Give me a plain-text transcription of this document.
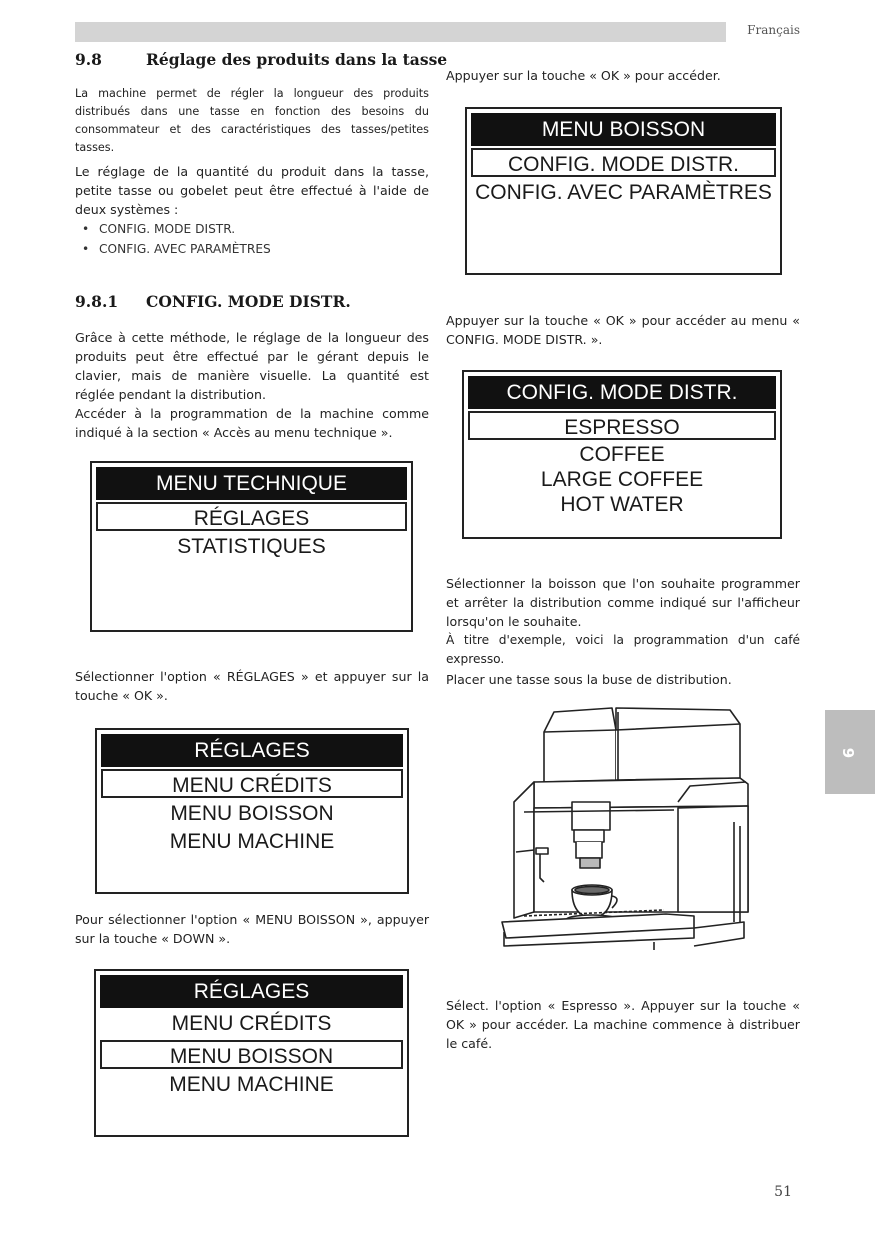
Français
9.8	Réglage des produits dans la tasse
La machine permet de régler la longueur des produits distribués dans une tasse en fonction des besoins du consommateur et des caractéristiques des tasses/petites tasses.
Le réglage de la quantité du produit dans la tasse, petite tasse ou gobelet peut être effectué à l'aide de deux systèmes :
• CONFIG. MODE DISTR.
• CONFIG. AVEC PARAMÈTRES
9.8.1 CONFIG. MODE DISTR.
Grâce à cette méthode, le réglage de la longueur des produits peut être effectué par le gérant depuis le clavier, mais de manière visuelle. La quantité est réglée pendant la distribution.
Accéder à la programmation de la machine comme indiqué à la section « Accès au menu technique ».
MENU TECHNIQUE
RÉGLAGES
STATISTIQUES
Sélectionner l'option « RÉGLAGES » et appuyer sur la touche « OK ».
RÉGLAGES
MENU CRÉDITS
MENU BOISSON
MENU MACHINE
Pour sélectionner l'option « MENU BOISSON », appuyer sur la touche « DOWN ».
RÉGLAGES
MENU CRÉDITS
MENU BOISSON
MENU MACHINE
Appuyer sur la touche « OK » pour accéder.
MENU BOISSON
CONFIG. MODE DISTR.
CONFIG. AVEC PARAMÈTRES
Appuyer sur la touche « OK » pour accéder au menu « CONFIG. MODE DISTR. ».
CONFIG. MODE DISTR.
ESPRESSO
COFFEE
LARGE COFFEE
HOT WATER
Sélectionner la boisson que l'on souhaite programmer et arrêter la distribution comme indiqué sur l'afficheur lorsqu'on le souhaite.
À titre d'exemple, voici la programmation d'un café expresso.
Placer une tasse sous la buse de distribution.
Sélect. l'option « Espresso ». Appuyer sur la touche « OK » pour accéder. La machine commence à distribuer le café.
9
51
